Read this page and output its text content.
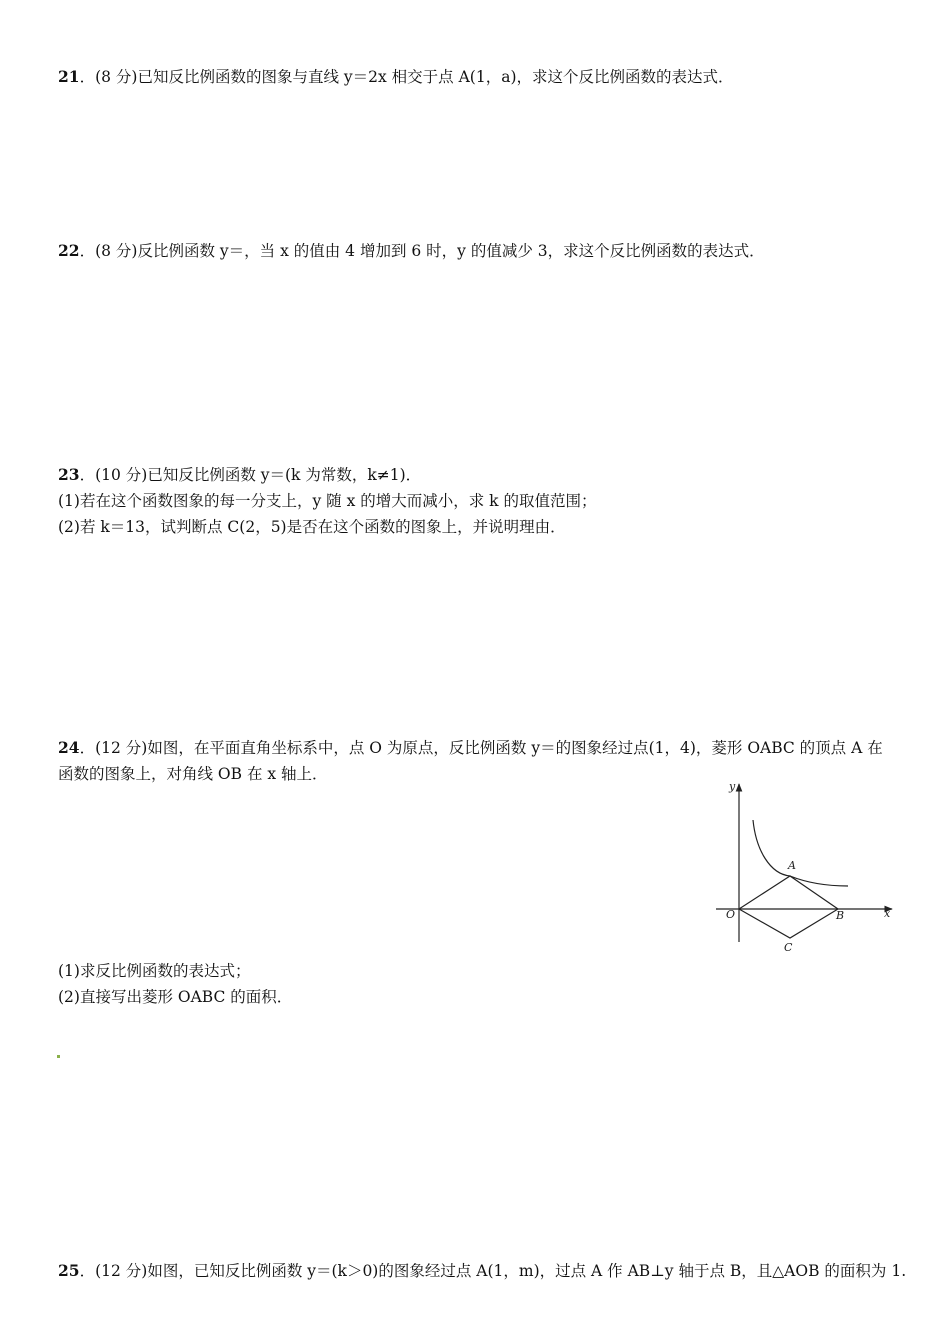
21．(8 分)已知反比例函数的图象与直线 y＝2x 相交于点 A(1，a)，求这个反比例函数的表达式．
22．(8 分)反比例函数 y＝，当 x 的值由 4 增加到 6 时，y 的值减少 3，求这个反比例函数的表达式．
23．(10 分)已知反比例函数 y＝(k 为常数，k≠1)．
(1)若在这个函数图象的每一分支上，y 随 x 的增大而减小，求 k 的取值范围；
(2)若 k＝13，试判断点 C(2，5)是否在这个函数的图象上，并说明理由．
24．(12 分)如图，在平面直角坐标系中，点 O 为原点，反比例函数 y＝的图象经过点(1，4)，菱形 OABC 的顶点 A 在函数的图象上，对角线 OB 在 x 轴上．
y
x
O
A
B
C
(1)求反比例函数的表达式；
(2)直接写出菱形 OABC 的面积．
25．(12 分)如图，已知反比例函数 y＝(k＞0)的图象经过点 A(1，m)，过点 A 作 AB⊥y 轴于点 B，且△AOB 的面积为 1.
